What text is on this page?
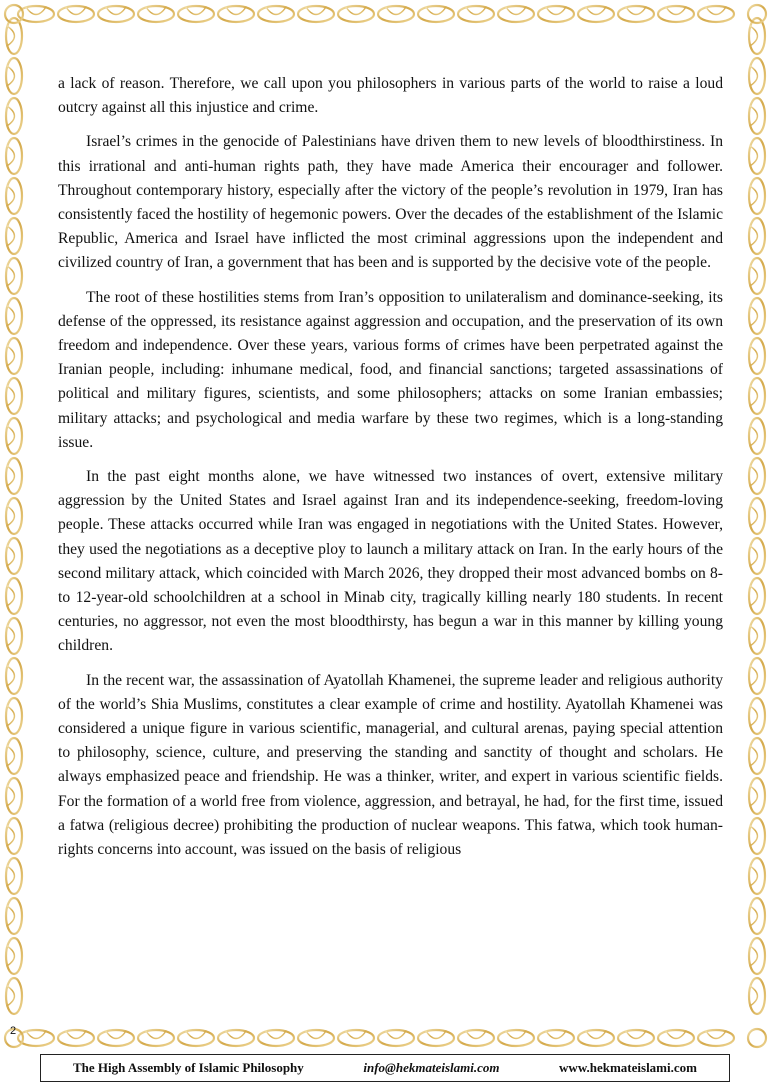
a lack of reason. Therefore, we call upon you philosophers in various parts of the world to raise a loud outcry against all this injustice and crime.

Israel’s crimes in the genocide of Palestinians have driven them to new levels of bloodthirstiness. In this irrational and anti-human rights path, they have made America their encourager and follower. Throughout contemporary history, especially after the victory of the people’s revolution in 1979, Iran has consistently faced the hostility of hegemonic powers. Over the decades of the establishment of the Islamic Republic, America and Israel have inflicted the most criminal aggressions upon the independent and civilized country of Iran, a government that has been and is supported by the decisive vote of the people.

The root of these hostilities stems from Iran’s opposition to unilateralism and dominance-seeking, its defense of the oppressed, its resistance against aggression and occupation, and the preservation of its own freedom and independence. Over these years, various forms of crimes have been perpetrated against the Iranian people, including: inhumane medical, food, and financial sanctions; targeted assassinations of political and military figures, scientists, and some philosophers; attacks on some Iranian embassies; military attacks; and psychological and media warfare by these two regimes, which is a long-standing issue.

In the past eight months alone, we have witnessed two instances of overt, extensive military aggression by the United States and Israel against Iran and its independence-seeking, freedom-loving people. These attacks occurred while Iran was engaged in negotiations with the United States. However, they used the negotiations as a deceptive ploy to launch a military attack on Iran. In the early hours of the second military attack, which coincided with March 2026, they dropped their most advanced bombs on 8- to 12-year-old schoolchildren at a school in Minab city, tragically killing nearly 180 students. In recent centuries, no aggressor, not even the most bloodthirsty, has begun a war in this manner by killing young children.

In the recent war, the assassination of Ayatollah Khamenei, the supreme leader and religious authority of the world’s Shia Muslims, constitutes a clear example of crime and hostility. Ayatollah Khamenei was considered a unique figure in various scientific, managerial, and cultural arenas, paying special attention to philosophy, science, culture, and preserving the standing and sanctity of thought and scholars. He always emphasized peace and friendship. He was a thinker, writer, and expert in various scientific fields. For the formation of a world free from violence, aggression, and betrayal, he had, for the first time, issued a fatwa (religious decree) prohibiting the production of nuclear weapons. This fatwa, which took human-rights concerns into account, was issued on the basis of religious

2
The High Assembly of Islamic Philosophy	info@hekmateislami.com	www.hekmateislami.com
